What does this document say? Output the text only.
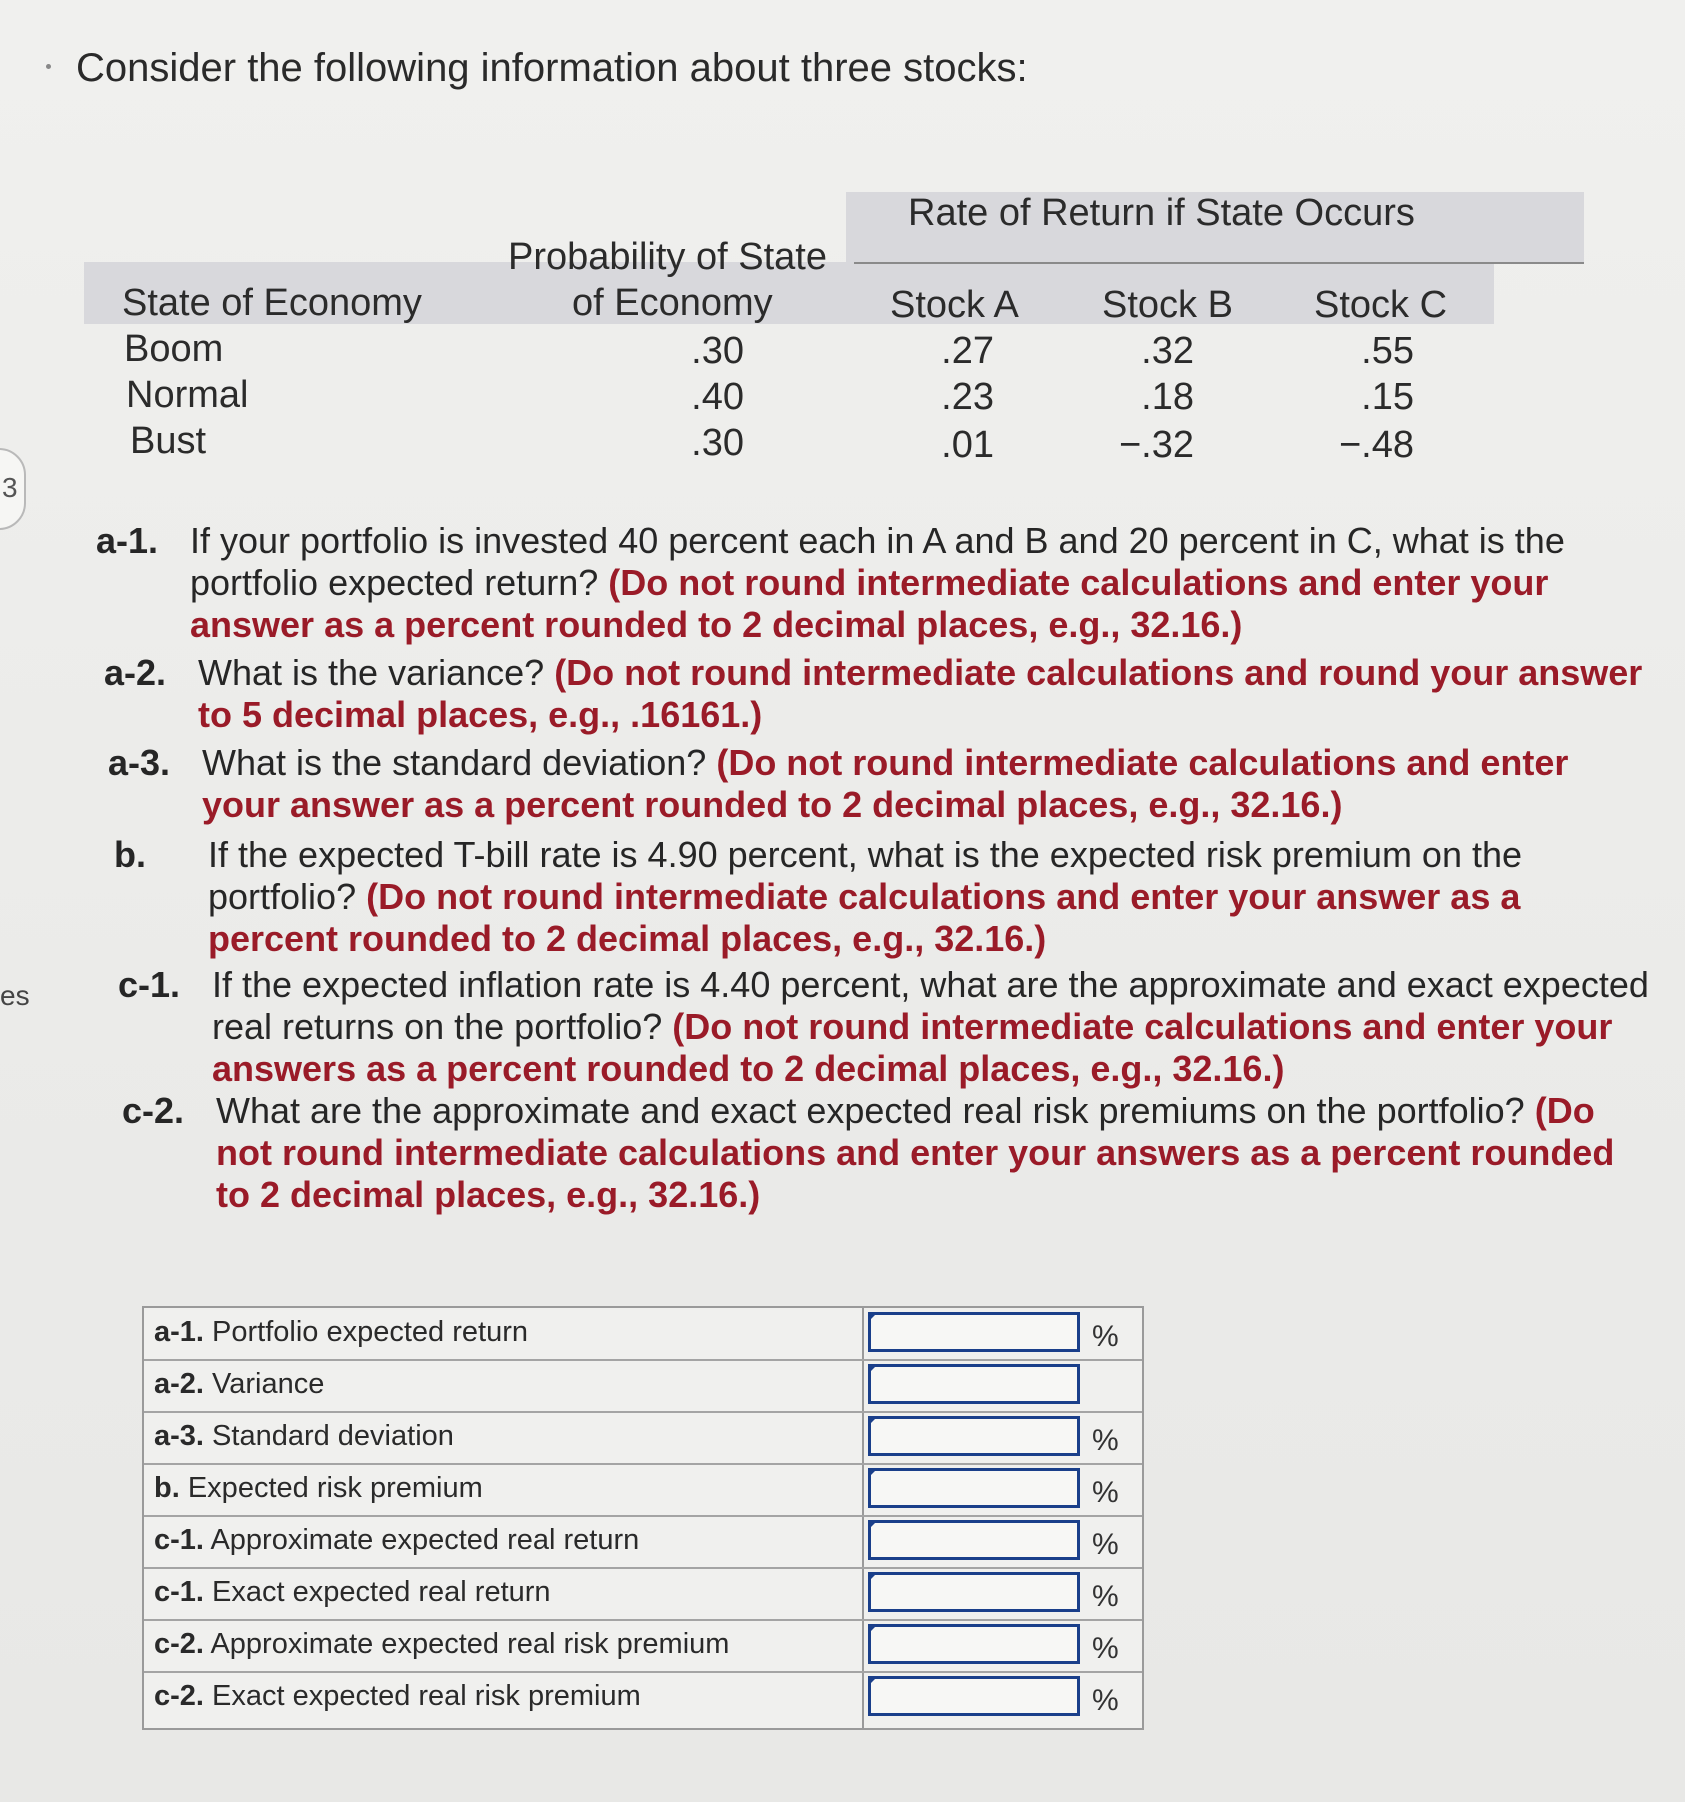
3
es
Consider the following information about three stocks:
Rate of Return if State Occurs
Probability of State
of Economy
State of Economy	Stock A Stock B Stock C
Boom	.30	.27	.32	.55
Normal	.40	.23	.18	.15
Bust	.30	.01	−.32	−.48
a-1. If your portfolio is invested 40 percent each in A and B and 20 percent in C, what is the portfolio expected return? (Do not round intermediate calculations and enter your answer as a percent rounded to 2 decimal places, e.g., 32.16.)
a-2. What is the variance? (Do not round intermediate calculations and round your answer to 5 decimal places, e.g., .16161.)
a-3. What is the standard deviation? (Do not round intermediate calculations and enter your answer as a percent rounded to 2 decimal places, e.g., 32.16.)
b. If the expected T-bill rate is 4.90 percent, what is the expected risk premium on the portfolio? (Do not round intermediate calculations and enter your answer as a percent rounded to 2 decimal places, e.g., 32.16.)
c-1. If the expected inflation rate is 4.40 percent, what are the approximate and exact expected real returns on the portfolio? (Do not round intermediate calculations and enter your answers as a percent rounded to 2 decimal places, e.g., 32.16.)
c-2. What are the approximate and exact expected real risk premiums on the portfolio? (Do not round intermediate calculations and enter your answers as a percent rounded to 2 decimal places, e.g., 32.16.)
a-1. Portfolio expected return	%
a-2. Variance
a-3. Standard deviation	%
b. Expected risk premium	%
c-1. Approximate expected real return	%
c-1. Exact expected real return	%
c-2. Approximate expected real risk premium	%
c-2. Exact expected real risk premium	%
